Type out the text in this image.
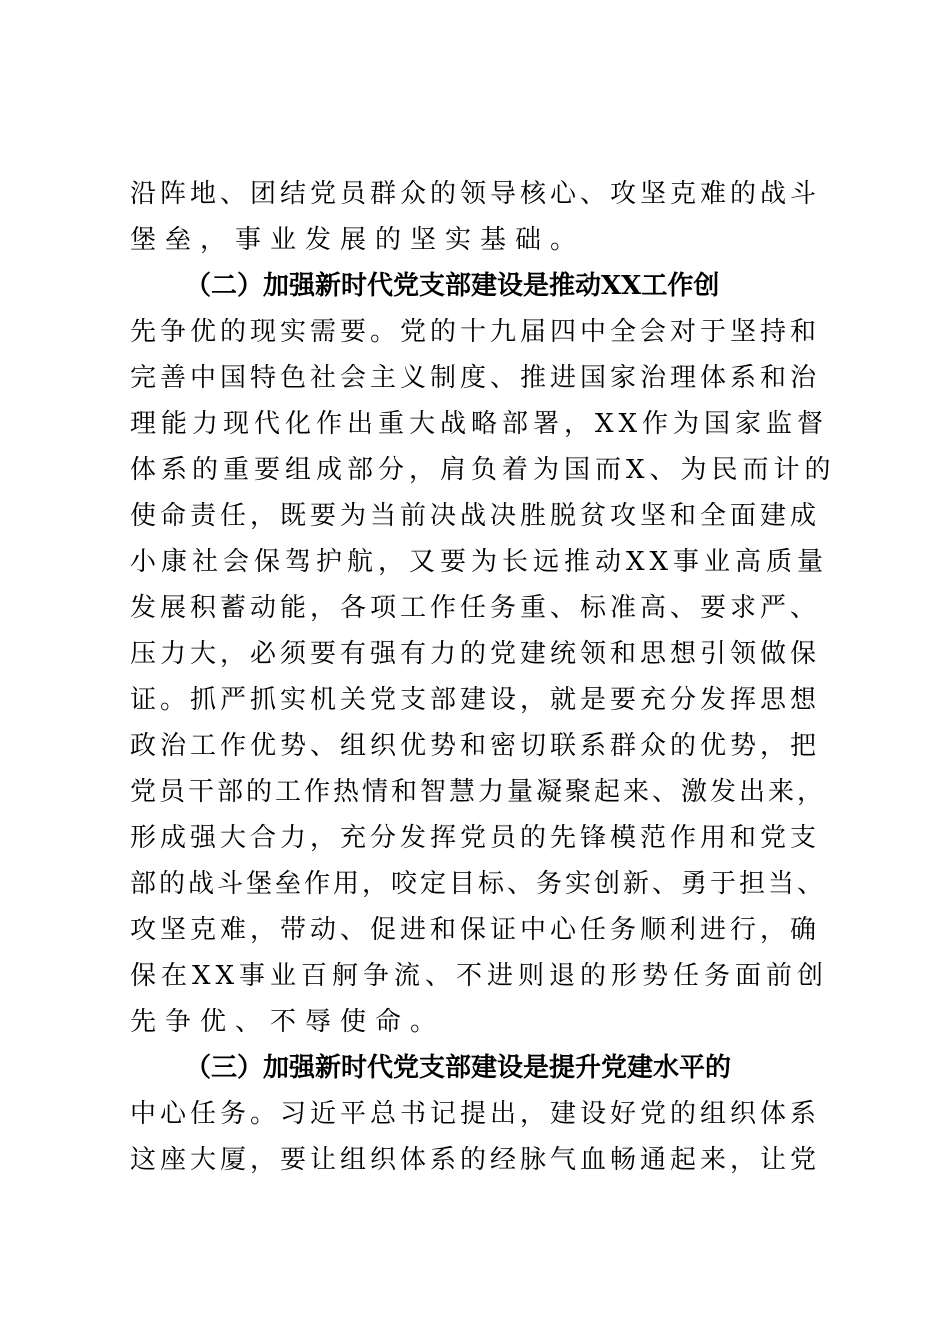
沿阵地、团结党员群众的领导核心、攻坚克难的战斗
堡垒，事业发展的坚实基础。
（二）加强新时代党支部建设是推动XX工作创
先争优的现实需要。党的十九届四中全会对于坚持和
完善中国特色社会主义制度、推进国家治理体系和治
理能力现代化作出重大战略部署，XX作为国家监督
体系的重要组成部分，肩负着为国而X、为民而计的
使命责任，既要为当前决战决胜脱贫攻坚和全面建成
小康社会保驾护航，又要为长远推动XX事业高质量
发展积蓄动能，各项工作任务重、标准高、要求严、
压力大，必须要有强有力的党建统领和思想引领做保
证。抓严抓实机关党支部建设，就是要充分发挥思想
政治工作优势、组织优势和密切联系群众的优势，把
党员干部的工作热情和智慧力量凝聚起来、激发出来，
形成强大合力，充分发挥党员的先锋模范作用和党支
部的战斗堡垒作用，咬定目标、务实创新、勇于担当、
攻坚克难，带动、促进和保证中心任务顺利进行，确
保在XX事业百舸争流、不进则退的形势任务面前创
先争优、不辱使命。
（三）加强新时代党支部建设是提升党建水平的
中心任务。习近平总书记提出，建设好党的组织体系
这座大厦，要让组织体系的经脉气血畅通起来，让党
